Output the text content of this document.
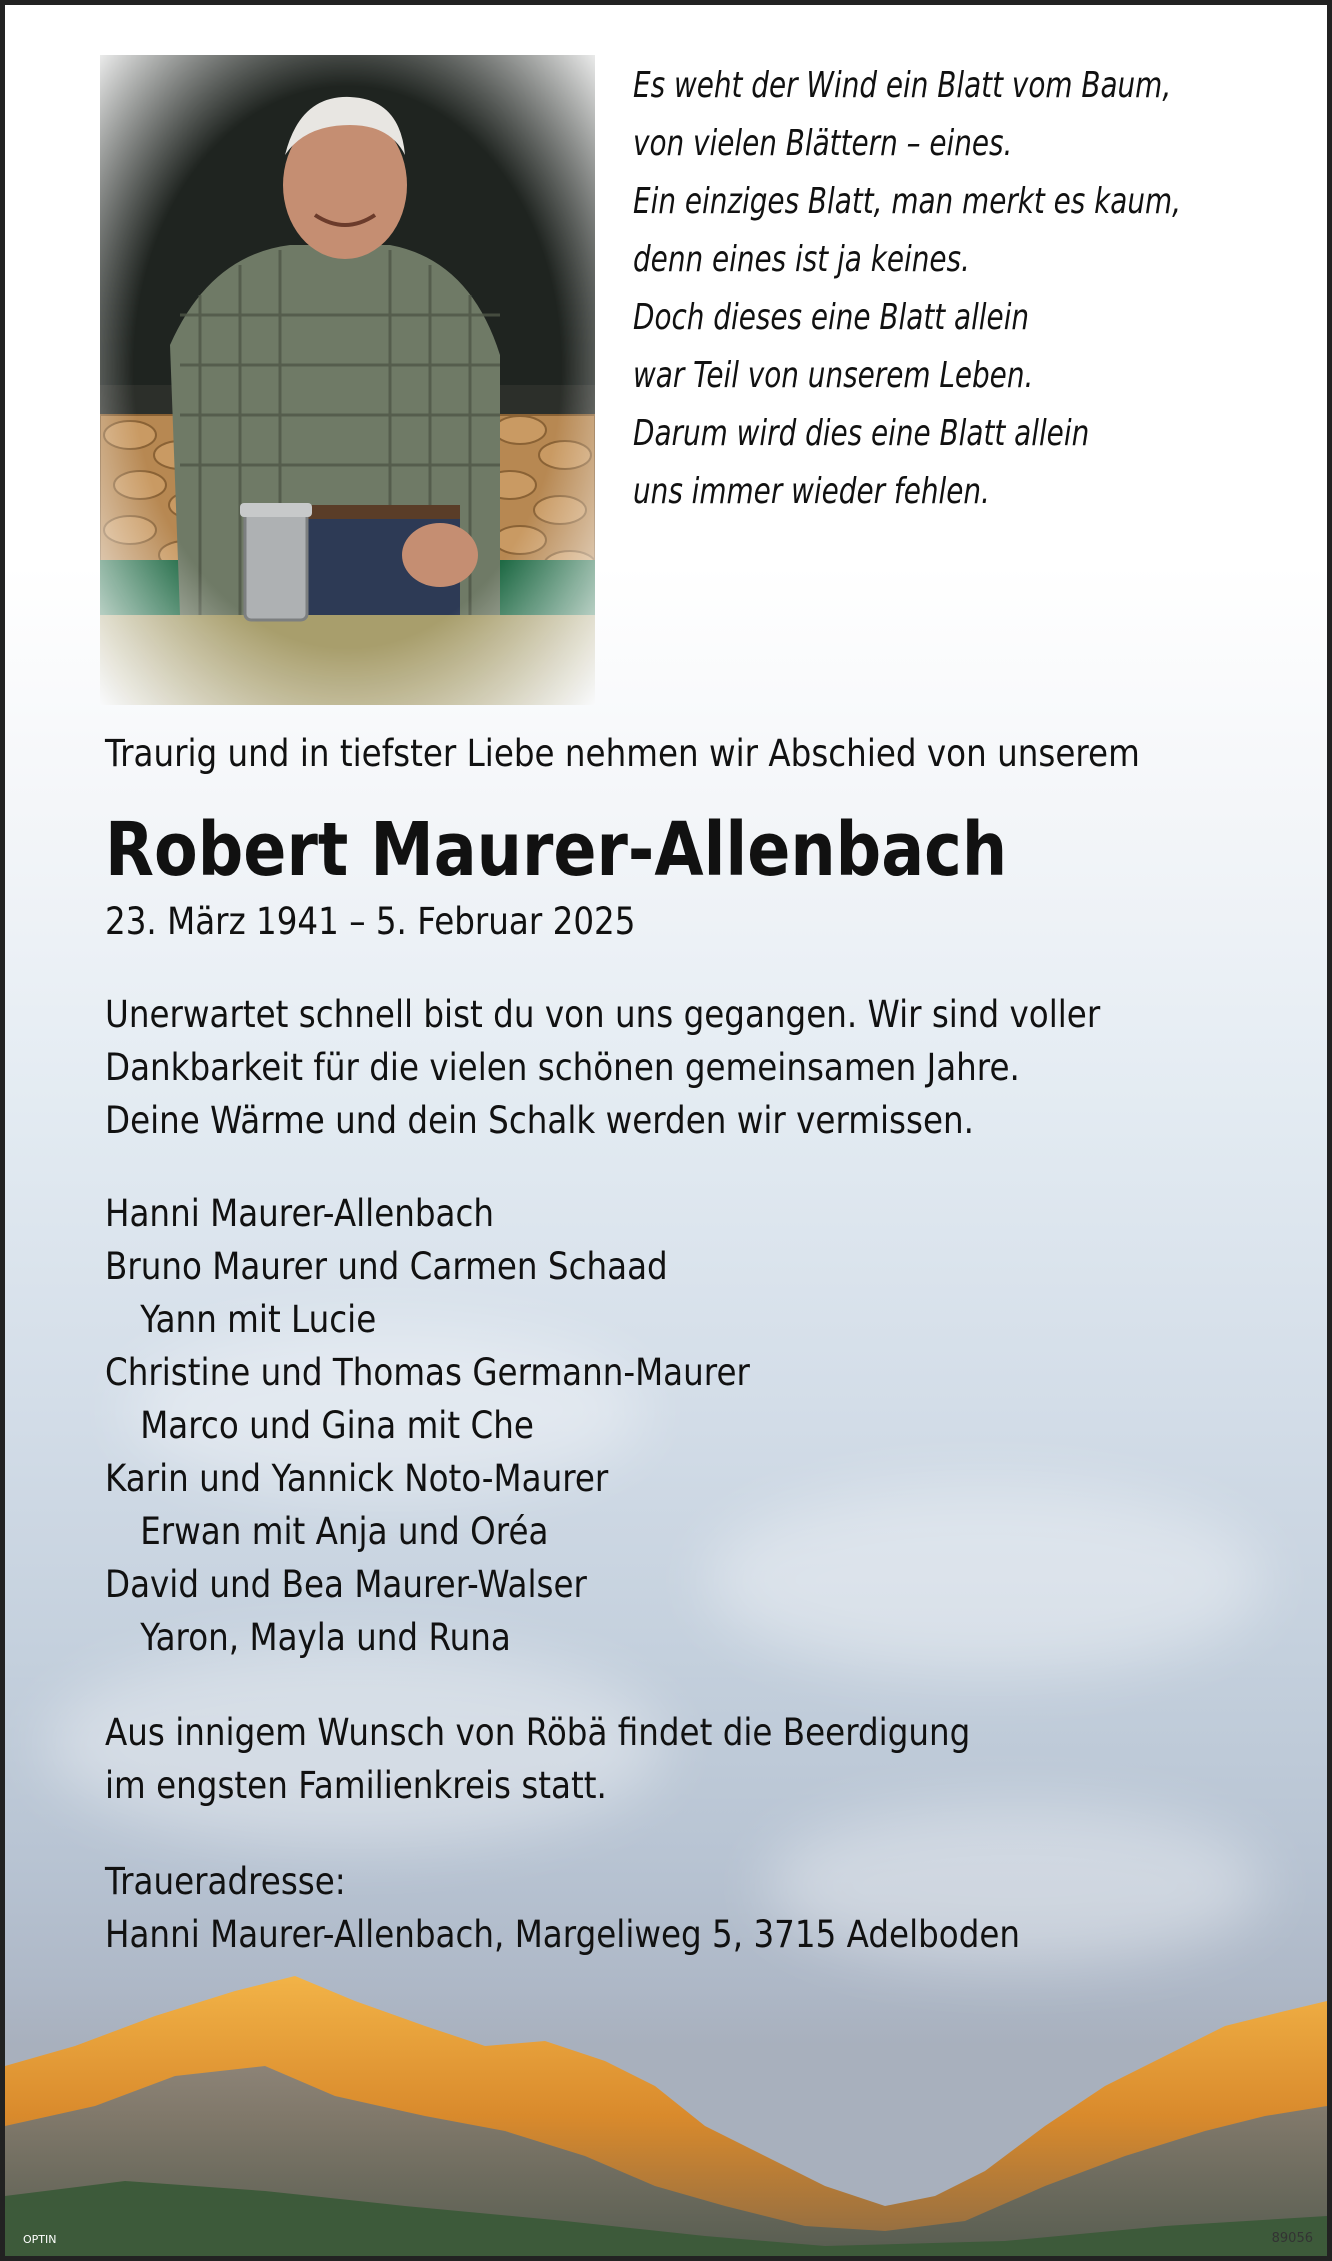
Es weht der Wind ein Blatt vom Baum,
von vielen Blättern – eines.
Ein einziges Blatt, man merkt es kaum,
denn eines ist ja keines.
Doch dieses eine Blatt allein
war Teil von unserem Leben.
Darum wird dies eine Blatt allein
uns immer wieder fehlen.
Traurig und in tiefster Liebe nehmen wir Abschied von unserem
Robert Maurer-Allenbach
23. März 1941 – 5. Februar 2025
Unerwartet schnell bist du von uns gegangen. Wir sind voller
Dankbarkeit für die vielen schönen gemeinsamen Jahre.
Deine Wärme und dein Schalk werden wir vermissen.
Hanni Maurer-Allenbach
Bruno Maurer und Carmen Schaad
Yann mit Lucie
Christine und Thomas Germann-Maurer
Marco und Gina mit Che
Karin und Yannick Noto-Maurer
Erwan mit Anja und Oréa
David und Bea Maurer-Walser
Yaron, Mayla und Runa
Aus innigem Wunsch von Röbä findet die Beerdigung
im engsten Familienkreis statt.
Traueradresse:
Hanni Maurer-Allenbach, Margeliweg 5, 3715 Adelboden
OPTIN	89056
